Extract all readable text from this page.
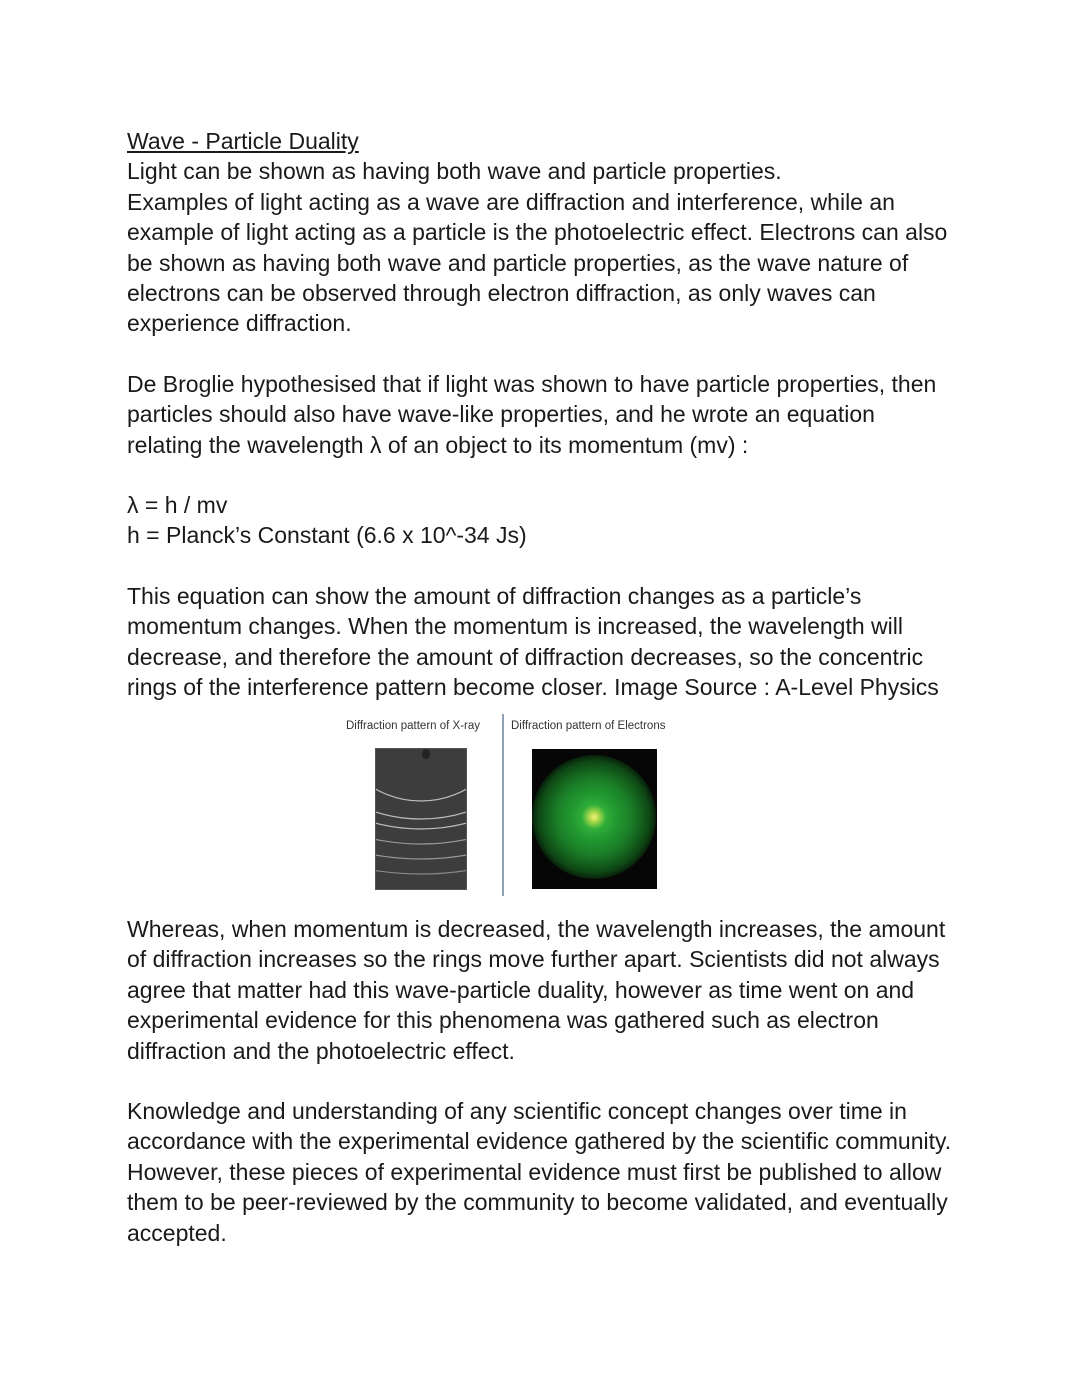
Wave - Particle Duality
Light can be shown as having both wave and particle properties.
Examples of light acting as a wave are diffraction and interference, while an
example of light acting as a particle is the photoelectric effect. Electrons can also
be shown as having both wave and particle properties, as the wave nature of
electrons can be observed through electron diffraction, as only waves can
experience diffraction.
De Broglie hypothesised that if light was shown to have particle properties, then
particles should also have wave-like properties, and he wrote an equation
relating the wavelength λ of an object to its momentum (mv) :
λ = h / mv
h = Planck’s Constant (6.6 x 10^-34 Js)
This equation can show the amount of diffraction changes as a particle’s
momentum changes. When the momentum is increased, the wavelength will
decrease, and therefore the amount of diffraction decreases, so the concentric
rings of the interference pattern become closer. Image Source : A-Level Physics
Diffraction pattern of X-ray	Diffraction pattern of Electrons
Whereas, when momentum is decreased, the wavelength increases, the amount
of diffraction increases so the rings move further apart. Scientists did not always
agree that matter had this wave-particle duality, however as time went on and
experimental evidence for this phenomena was gathered such as electron
diffraction and the photoelectric effect.
Knowledge and understanding of any scientific concept changes over time in
accordance with the experimental evidence gathered by the scientific community.
However, these pieces of experimental evidence must first be published to allow
them to be peer-reviewed by the community to become validated, and eventually
accepted.
